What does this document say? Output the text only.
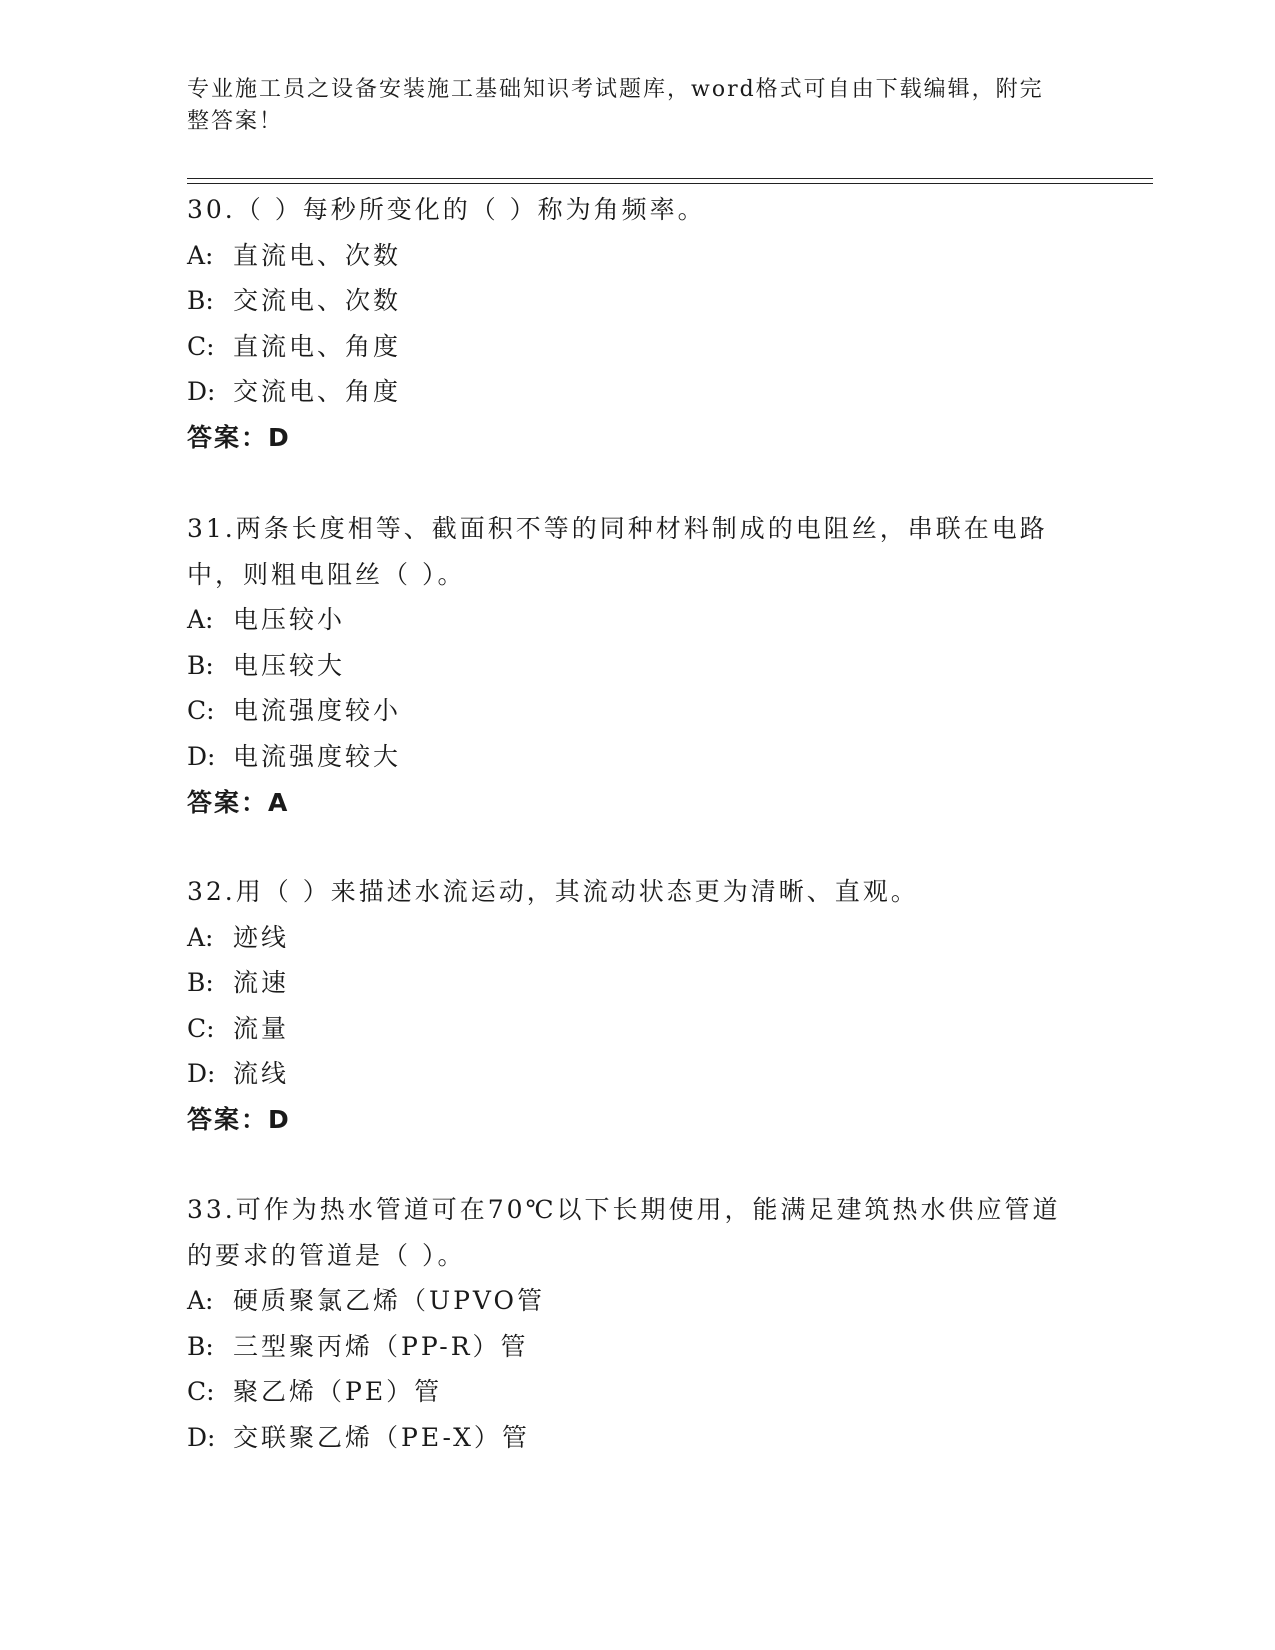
专业施工员之设备安装施工基础知识考试题库，word格式可自由下载编辑，附完
整答案！
30.（ ）每秒所变化的（ ）称为角频率。
A: 直流电、次数
B: 交流电、次数
C: 直流电、角度
D: 交流电、角度
答案：D
31.两条长度相等、截面积不等的同种材料制成的电阻丝，串联在电路
中，则粗电阻丝（ ）。
A: 电压较小
B: 电压较大
C: 电流强度较小
D: 电流强度较大
答案：A
32.用（ ）来描述水流运动，其流动状态更为清晰、直观。
A: 迹线
B: 流速
C: 流量
D: 流线
答案：D
33.可作为热水管道可在70℃以下长期使用，能满足建筑热水供应管道
的要求的管道是（ ）。
A: 硬质聚氯乙烯（UPVO管
B: 三型聚丙烯（PP-R）管
C: 聚乙烯（PE）管
D: 交联聚乙烯（PE-X）管
